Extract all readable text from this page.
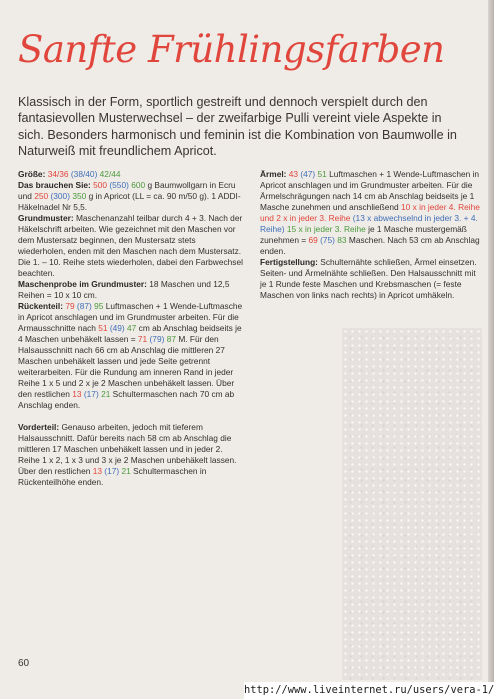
Sanfte Frühlingsfarben
Klassisch in der Form, sportlich gestreift und dennoch verspielt durch den fantasievollen Musterwechsel – der zweifarbige Pulli vereint viele Aspekte in sich. Besonders harmonisch und feminin ist die Kombination von Baumwolle in Naturweiß mit freundlichem Apricot.

Größe: 34/36 (38/40) 42/44

Das brauchen Sie: 500 (550) 600 g Baumwollgarn in Ecru und 250 (300) 350 g in Apricot (LL = ca. 90 m/50 g). 1 ADDI-Häkelnadel Nr 5,5.

Grundmuster: Maschenanzahl teilbar durch 4 + 3. Nach der Häkelschrift arbeiten. Wie gezeichnet mit den Maschen vor dem Mustersatz beginnen, den Mustersatz stets wiederholen, enden mit den Maschen nach dem Mustersatz. Die 1. – 10. Reihe stets wiederholen, dabei den Farbwechsel beachten.

Maschenprobe im Grundmuster: 18 Maschen und 12,5 Reihen = 10 x 10 cm.

Rückenteil: 79 (87) 95 Luftmaschen + 1 Wende-Luftmasche in Apricot anschlagen und im Grundmuster arbeiten. Für die Armausschnitte nach 51 (49) 47 cm ab Anschlag beidseits je 4 Maschen unbehäkelt lassen = 71 (79) 87 M. Für den Halsausschnitt nach 66 cm ab Anschlag die mittleren 27 Maschen unbehäkelt lassen und jede Seite getrennt weiterarbeiten. Für die Rundung am inneren Rand in jeder Reihe 1 x 5 und 2 x je 2 Maschen unbehäkelt lassen. Über den restlichen 13 (17) 21 Schultermaschen nach 70 cm ab Anschlag enden.

Vorderteil: Genauso arbeiten, jedoch mit tieferem Halsausschnitt. Dafür bereits nach 58 cm ab Anschlag die mittleren 17 Maschen unbehäkelt lassen und in jeder 2. Reihe 1 x 2, 1 x 3 und 3 x je 2 Maschen unbehäkelt lassen. Über den restlichen 13 (17) 21 Schultermaschen in Rückenteilhöhe enden.

Ärmel: 43 (47) 51 Luftmaschen + 1 Wende-Luftmaschen in Apricot anschlagen und im Grundmuster arbeiten. Für die Ärmelschrägungen nach 14 cm ab Anschlag beidseits je 1 Masche zunehmen und anschließend 10 x in jeder 4. Reihe und 2 x in jeder 3. Reihe (13 x abwechselnd in jeder 3. + 4. Reihe) 15 x in jeder 3. Reihe je 1 Masche mustergemäß zunehmen = 69 (75) 83 Maschen. Nach 53 cm ab Anschlag enden.

Fertigstellung: Schulternähte schließen, Ärmel einsetzen. Seiten- und Ärmelnähte schließen. Den Halsausschnitt mit je 1 Runde feste Maschen und Krebsmaschen (= feste Maschen von links nach rechts) in Apricot umhäkeln.

60
http://www.liveinternet.ru/users/vera-1/
